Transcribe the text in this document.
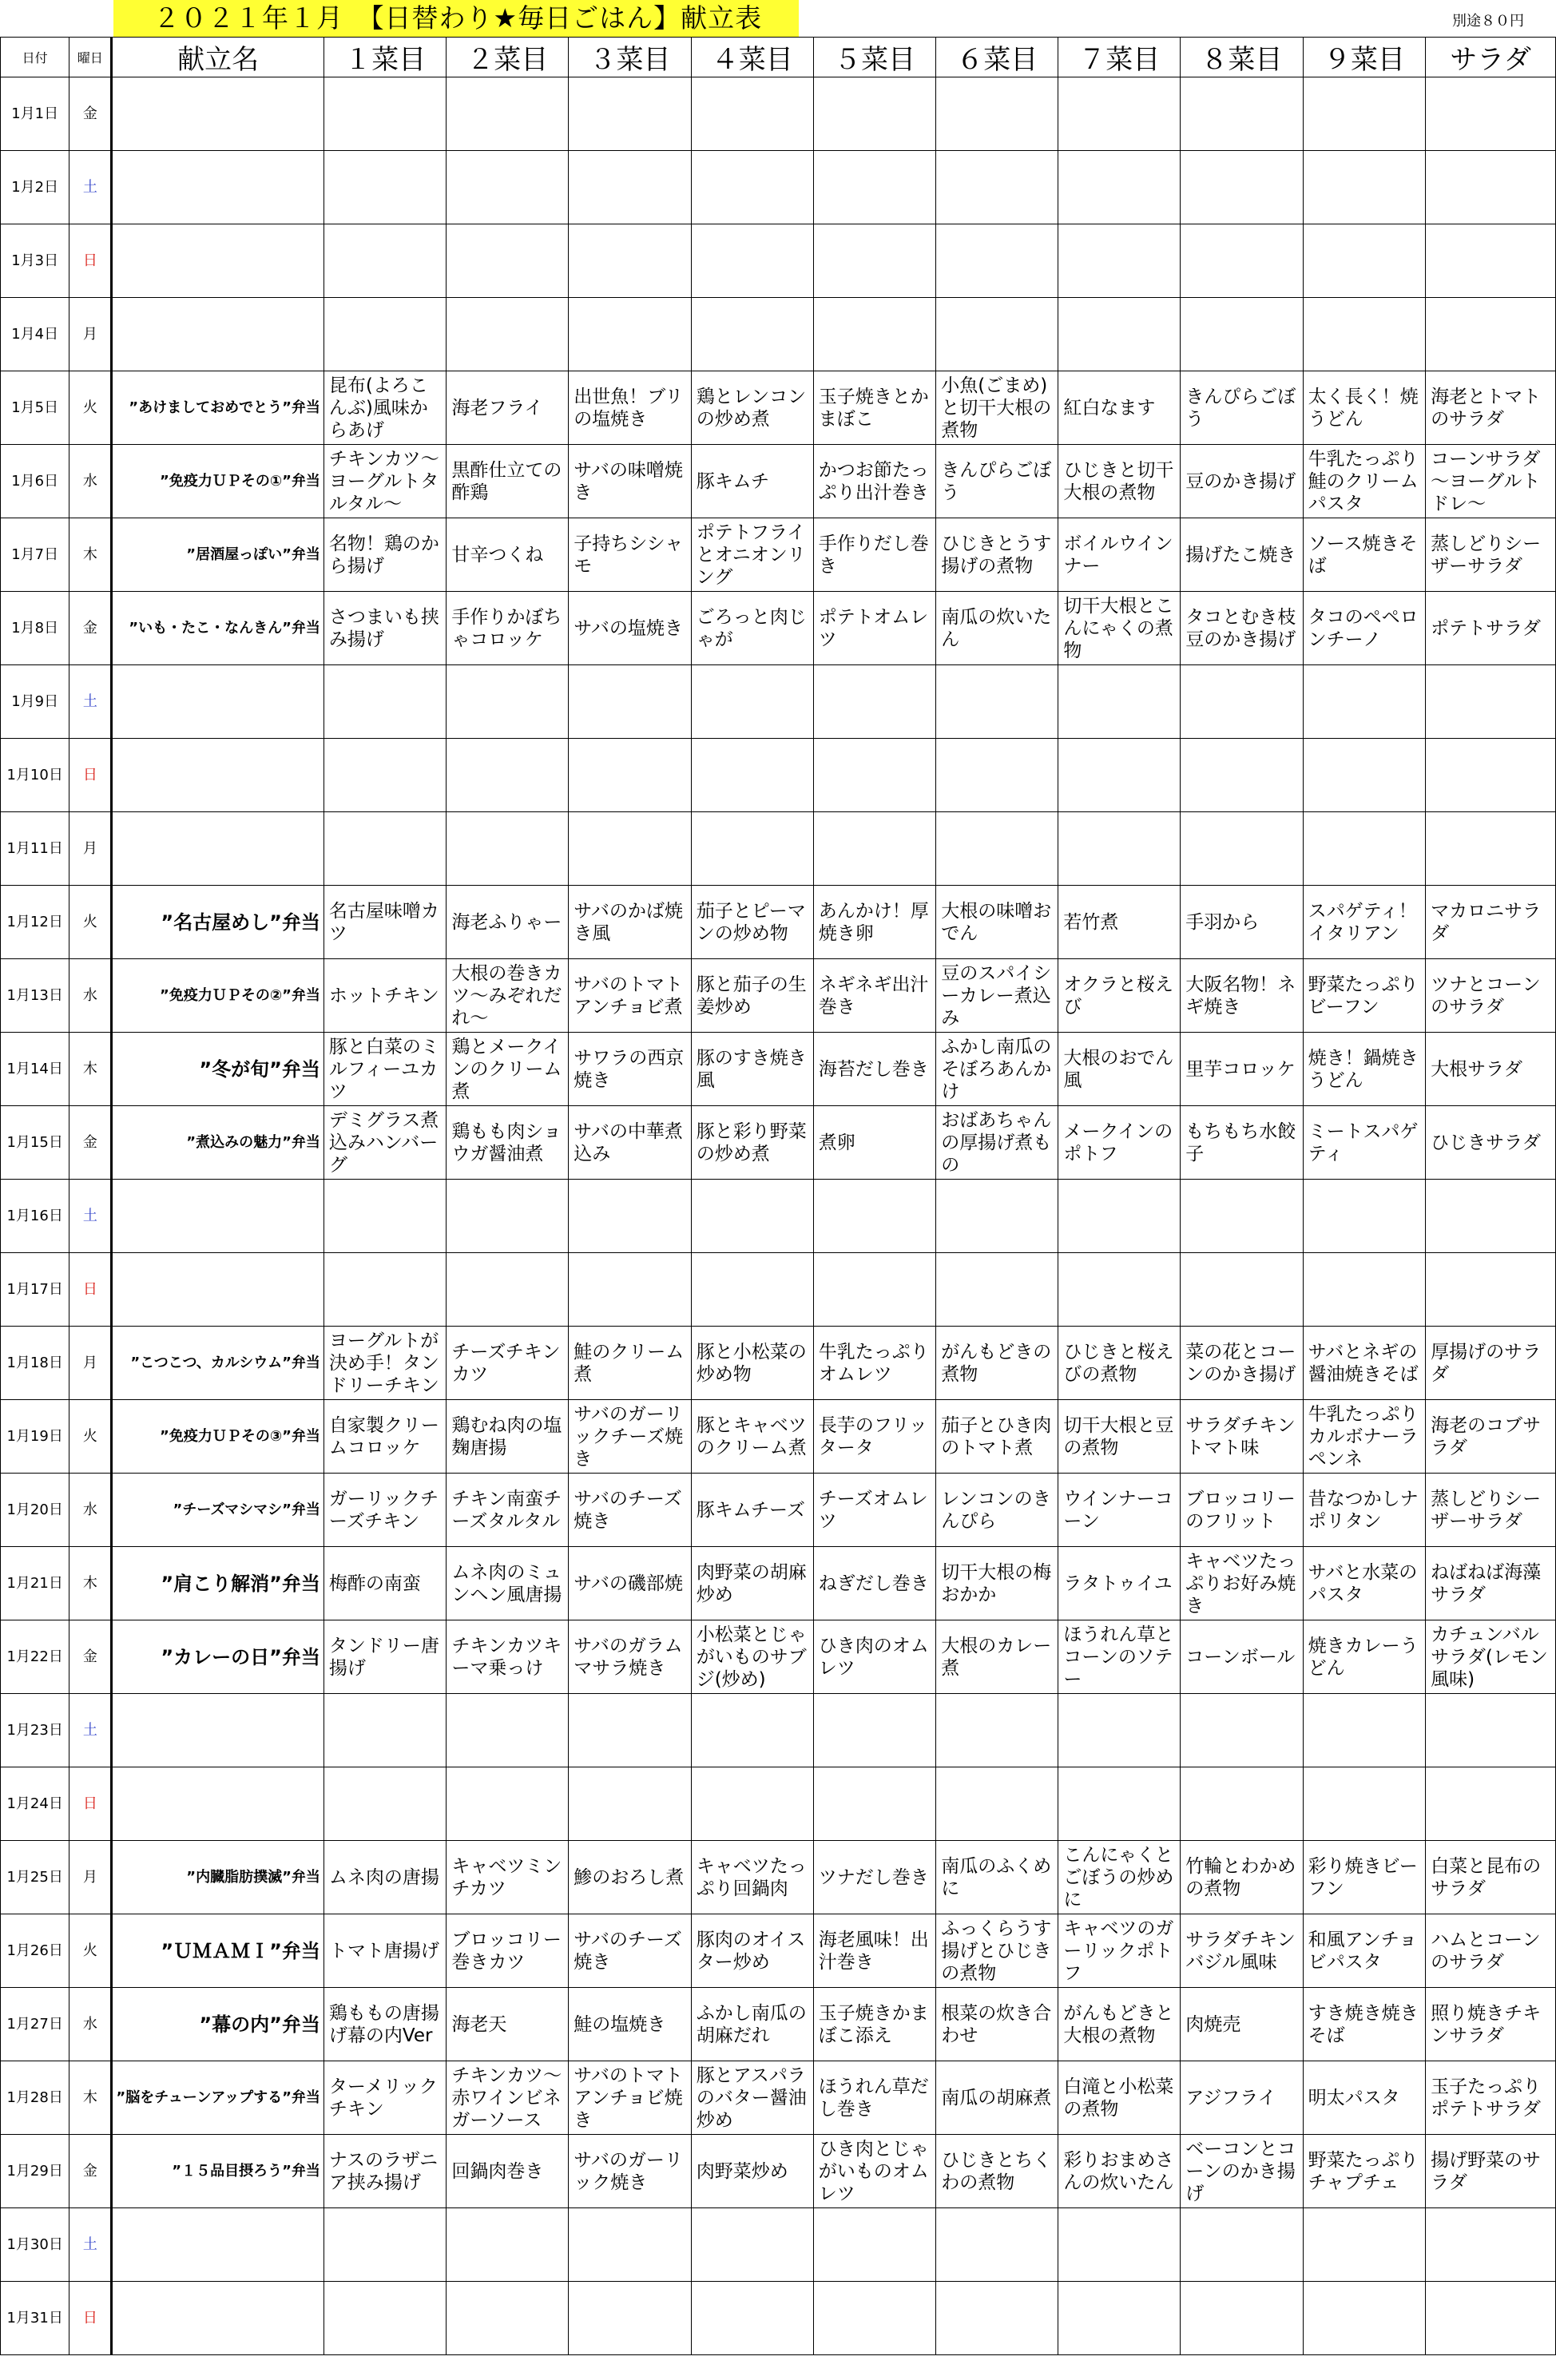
２０２１年１月　【日替わり★毎日ごはん】献立表	別途８０円
日付	曜日	献立名	１菜目	２菜目	３菜目	４菜目	５菜目	６菜目	７菜目	８菜目	９菜目	サラダ
1月1日	金											
1月2日	土											
1月3日	日											
1月4日	月											
1月5日	火	”あけましておめでとう”弁当	昆布(よろこんぶ)風味からあげ	海老フライ	出世魚！ブリの塩焼き	鶏とレンコンの炒め煮	玉子焼きとかまぼこ	小魚(ごまめ)と切干大根の煮物	紅白なます	きんぴらごぼう	太く長く！焼うどん	海老とトマトのサラダ
1月6日	水	”免疫力ＵＰその①”弁当	チキンカツ～ヨーグルトタルタル～	黒酢仕立ての酢鶏	サバの味噌焼き	豚キムチ	かつお節たっぷり出汁巻き	きんぴらごぼう	ひじきと切干大根の煮物	豆のかき揚げ	牛乳たっぷり鮭のクリームパスタ	コーンサラダ～ヨーグルトドレ～
1月7日	木	”居酒屋っぽい”弁当	名物！鶏のから揚げ	甘辛つくね	子持ちシシャモ	ポテトフライとオニオンリング	手作りだし巻き	ひじきとうす揚げの煮物	ボイルウインナー	揚げたこ焼き	ソース焼きそば	蒸しどりシーザーサラダ
1月8日	金	”いも・たこ・なんきん”弁当	さつまいも挟み揚げ	手作りかぼちゃコロッケ	サバの塩焼き	ごろっと肉じゃが	ポテトオムレツ	南瓜の炊いたん	切干大根とこんにゃくの煮物	タコとむき枝豆のかき揚げ	タコのペペロンチーノ	ポテトサラダ
1月9日	土											
1月10日	日											
1月11日	月											
1月12日	火	”名古屋めし”弁当	名古屋味噌カツ	海老ふりゃー	サバのかば焼き風	茄子とピーマンの炒め物	あんかけ！厚焼き卵	大根の味噌おでん	若竹煮	手羽から	スパゲティ！イタリアン	マカロニサラダ
1月13日	水	”免疫力ＵＰその②”弁当	ホットチキン	大根の巻きカツ～みぞれだれ～	サバのトマトアンチョビ煮	豚と茄子の生姜炒め	ネギネギ出汁巻き	豆のスパイシーカレー煮込み	オクラと桜えび	大阪名物！ネギ焼き	野菜たっぷりビーフン	ツナとコーンのサラダ
1月14日	木	”冬が旬”弁当	豚と白菜のミルフィーユカツ	鶏とメークインのクリーム煮	サワラの西京焼き	豚のすき焼き風	海苔だし巻き	ふかし南瓜のそぼろあんかけ	大根のおでん風	里芋コロッケ	焼き！鍋焼きうどん	大根サラダ
1月15日	金	”煮込みの魅力”弁当	デミグラス煮込みハンバーグ	鶏もも肉ショウガ醤油煮	サバの中華煮込み	豚と彩り野菜の炒め煮	煮卵	おばあちゃんの厚揚げ煮もの	メークインのポトフ	もちもち水餃子	ミートスパゲティ	ひじきサラダ
1月16日	土											
1月17日	日											
1月18日	月	”こつこつ、カルシウム”弁当	ヨーグルトが決め手！タンドリーチキン	チーズチキンカツ	鮭のクリーム煮	豚と小松菜の炒め物	牛乳たっぷりオムレツ	がんもどきの煮物	ひじきと桜えびの煮物	菜の花とコーンのかき揚げ	サバとネギの醤油焼きそば	厚揚げのサラダ
1月19日	火	”免疫力ＵＰその③”弁当	自家製クリームコロッケ	鶏むね肉の塩麹唐揚	サバのガーリックチーズ焼き	豚とキャベツのクリーム煮	長芋のフリッタータ	茄子とひき肉のトマト煮	切干大根と豆の煮物	サラダチキントマト味	牛乳たっぷりカルボナーラペンネ	海老のコブサラダ
1月20日	水	”チーズマシマシ”弁当	ガーリックチーズチキン	チキン南蛮チーズタルタル	サバのチーズ焼き	豚キムチーズ	チーズオムレツ	レンコンのきんぴら	ウインナーコーン	ブロッコリーのフリット	昔なつかしナポリタン	蒸しどりシーザーサラダ
1月21日	木	”肩こり解消”弁当	梅酢の南蛮	ムネ肉のミュンヘン風唐揚	サバの磯部焼	肉野菜の胡麻炒め	ねぎだし巻き	切干大根の梅おかか	ラタトゥイユ	キャベツたっぷりお好み焼き	サバと水菜のパスタ	ねばねば海藻サラダ
1月22日	金	”カレーの日”弁当	タンドリー唐揚げ	チキンカツキーマ乗っけ	サバのガラムマサラ焼き	小松菜とじゃがいものサブジ(炒め)	ひき肉のオムレツ	大根のカレー煮	ほうれん草とコーンのソテー	コーンボール	焼きカレーうどん	カチュンバルサラダ(レモン風味)
1月23日	土											
1月24日	日											
1月25日	月	”内臓脂肪撲滅”弁当	ムネ肉の唐揚	キャベツミンチカツ	鯵のおろし煮	キャベツたっぷり回鍋肉	ツナだし巻き	南瓜のふくめに	こんにゃくとごぼうの炒めに	竹輪とわかめの煮物	彩り焼きビーフン	白菜と昆布のサラダ
1月26日	火	”ＵＭＡＭＩ”弁当	トマト唐揚げ	ブロッコリー巻きカツ	サバのチーズ焼き	豚肉のオイスター炒め	海老風味！出汁巻き	ふっくらうす揚げとひじきの煮物	キャベツのガーリックポトフ	サラダチキンバジル風味	和風アンチョビパスタ	ハムとコーンのサラダ
1月27日	水	”幕の内”弁当	鶏ももの唐揚げ幕の内Ver	海老天	鮭の塩焼き	ふかし南瓜の胡麻だれ	玉子焼きかまぼこ添え	根菜の炊き合わせ	がんもどきと大根の煮物	肉焼売	すき焼き焼きそば	照り焼きチキンサラダ
1月28日	木	”脳をチューンアップする”弁当	ターメリックチキン	チキンカツ～赤ワインビネガーソース	サバのトマトアンチョビ焼き	豚とアスパラのバター醤油炒め	ほうれん草だし巻き	南瓜の胡麻煮	白滝と小松菜の煮物	アジフライ	明太パスタ	玉子たっぷりポテトサラダ
1月29日	金	”１５品目摂ろう”弁当	ナスのラザニア挟み揚げ	回鍋肉巻き	サバのガーリック焼き	肉野菜炒め	ひき肉とじゃがいものオムレツ	ひじきとちくわの煮物	彩りおまめさんの炊いたん	ベーコンとコーンのかき揚げ	野菜たっぷりチャプチェ	揚げ野菜のサラダ
1月30日	土											
1月31日	日											
